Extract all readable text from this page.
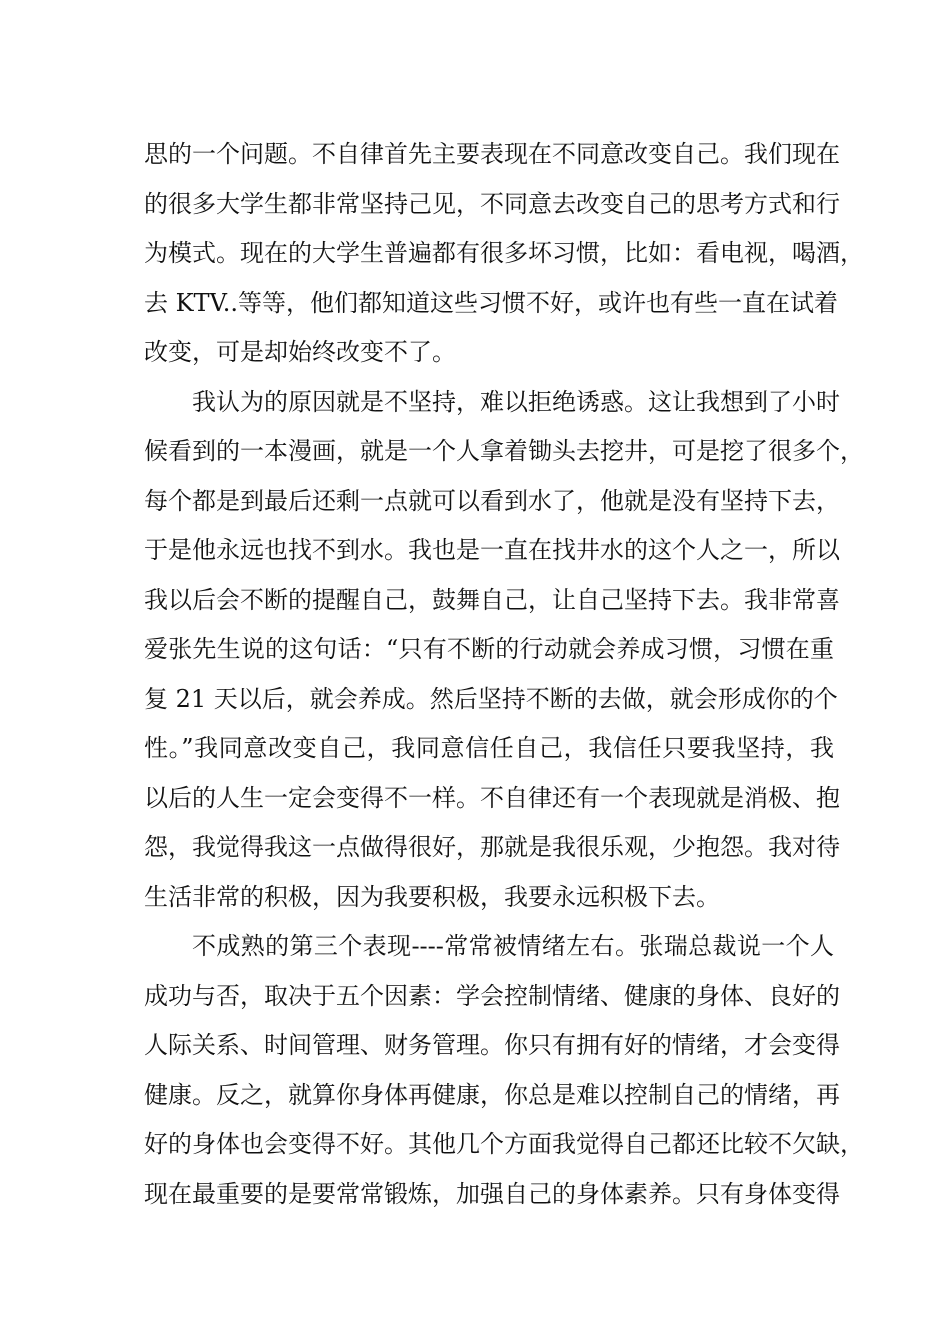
思的一个问题。不自律首先主要表现在不同意改变自己。我们现在
的很多大学生都非常坚持己见，不同意去改变自己的思考方式和行
为模式。现在的大学生普遍都有很多坏习惯，比如：看电视，喝酒，
去 KTV..等等，他们都知道这些习惯不好，或许也有些一直在试着
改变，可是却始终改变不了。
我认为的原因就是不坚持，难以拒绝诱惑。这让我想到了小时
候看到的一本漫画，就是一个人拿着锄头去挖井，可是挖了很多个，
每个都是到最后还剩一点就可以看到水了，他就是没有坚持下去，
于是他永远也找不到水。我也是一直在找井水的这个人之一，所以
我以后会不断的提醒自己，鼓舞自己，让自己坚持下去。我非常喜
爱张先生说的这句话：“只有不断的行动就会养成习惯，习惯在重
复 21 天以后，就会养成。然后坚持不断的去做，就会形成你的个
性。”我同意改变自己，我同意信任自己，我信任只要我坚持，我
以后的人生一定会变得不一样。不自律还有一个表现就是消极、抱
怨，我觉得我这一点做得很好，那就是我很乐观，少抱怨。我对待
生活非常的积极，因为我要积极，我要永远积极下去。
不成熟的第三个表现----常常被情绪左右。张瑞总裁说一个人
成功与否，取决于五个因素：学会控制情绪、健康的身体、良好的
人际关系、时间管理、财务管理。你只有拥有好的情绪，才会变得
健康。反之，就算你身体再健康，你总是难以控制自己的情绪，再
好的身体也会变得不好。其他几个方面我觉得自己都还比较不欠缺，
现在最重要的是要常常锻炼，加强自己的身体素养。只有身体变得
